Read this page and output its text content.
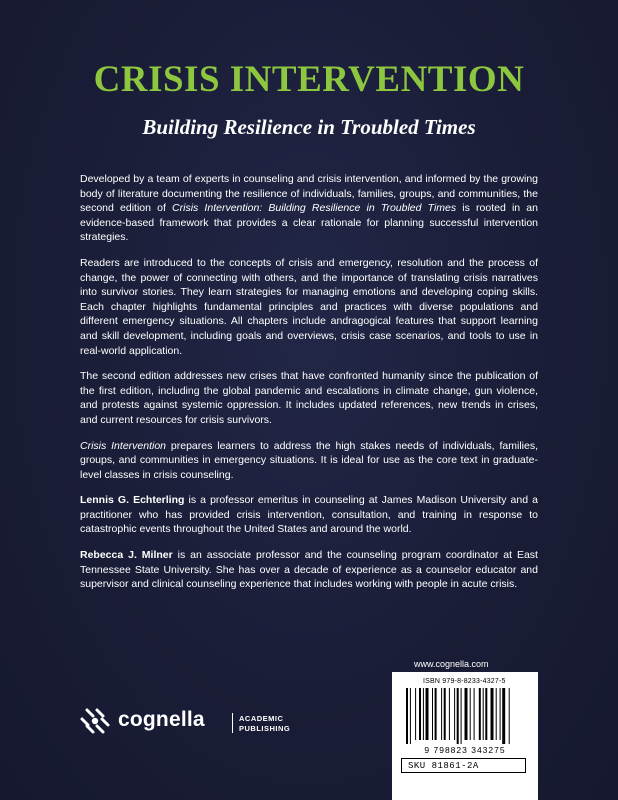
CRISIS INTERVENTION
Building Resilience in Troubled Times

Developed by a team of experts in counseling and crisis intervention, and informed by the growing body of literature documenting the resilience of individuals, families, groups, and communities, the second edition of Crisis Intervention: Building Resilience in Troubled Times is rooted in an evidence-based framework that provides a clear rationale for planning successful intervention strategies.

Readers are introduced to the concepts of crisis and emergency, resolution and the process of change, the power of connecting with others, and the importance of translating crisis narratives into survivor stories. They learn strategies for managing emotions and developing coping skills. Each chapter highlights fundamental principles and practices with diverse populations and different emergency situations. All chapters include andragogical features that support learning and skill development, including goals and overviews, crisis case scenarios, and tools to use in real-world application.

The second edition addresses new crises that have confronted humanity since the publication of the first edition, including the global pandemic and escalations in climate change, gun violence, and protests against systemic oppression. It includes updated references, new trends in crises, and current resources for crisis survivors.

Crisis Intervention prepares learners to address the high stakes needs of individuals, families, groups, and communities in emergency situations. It is ideal for use as the core text in graduate-level classes in crisis counseling.

Lennis G. Echterling is a professor emeritus in counseling at James Madison University and a practitioner who has provided crisis intervention, consultation, and training in response to catastrophic events throughout the United States and around the world.

Rebecca J. Milner is an associate professor and the counseling program coordinator at East Tennessee State University. She has over a decade of experience as a counselor educator and supervisor and clinical counseling experience that includes working with people in acute crisis.

cognella	ACADEMIC
PUBLISHING
www.cognella.com
ISBN 979-8-8233-4327-5
9 798823 343275
SKU 81861-2A
